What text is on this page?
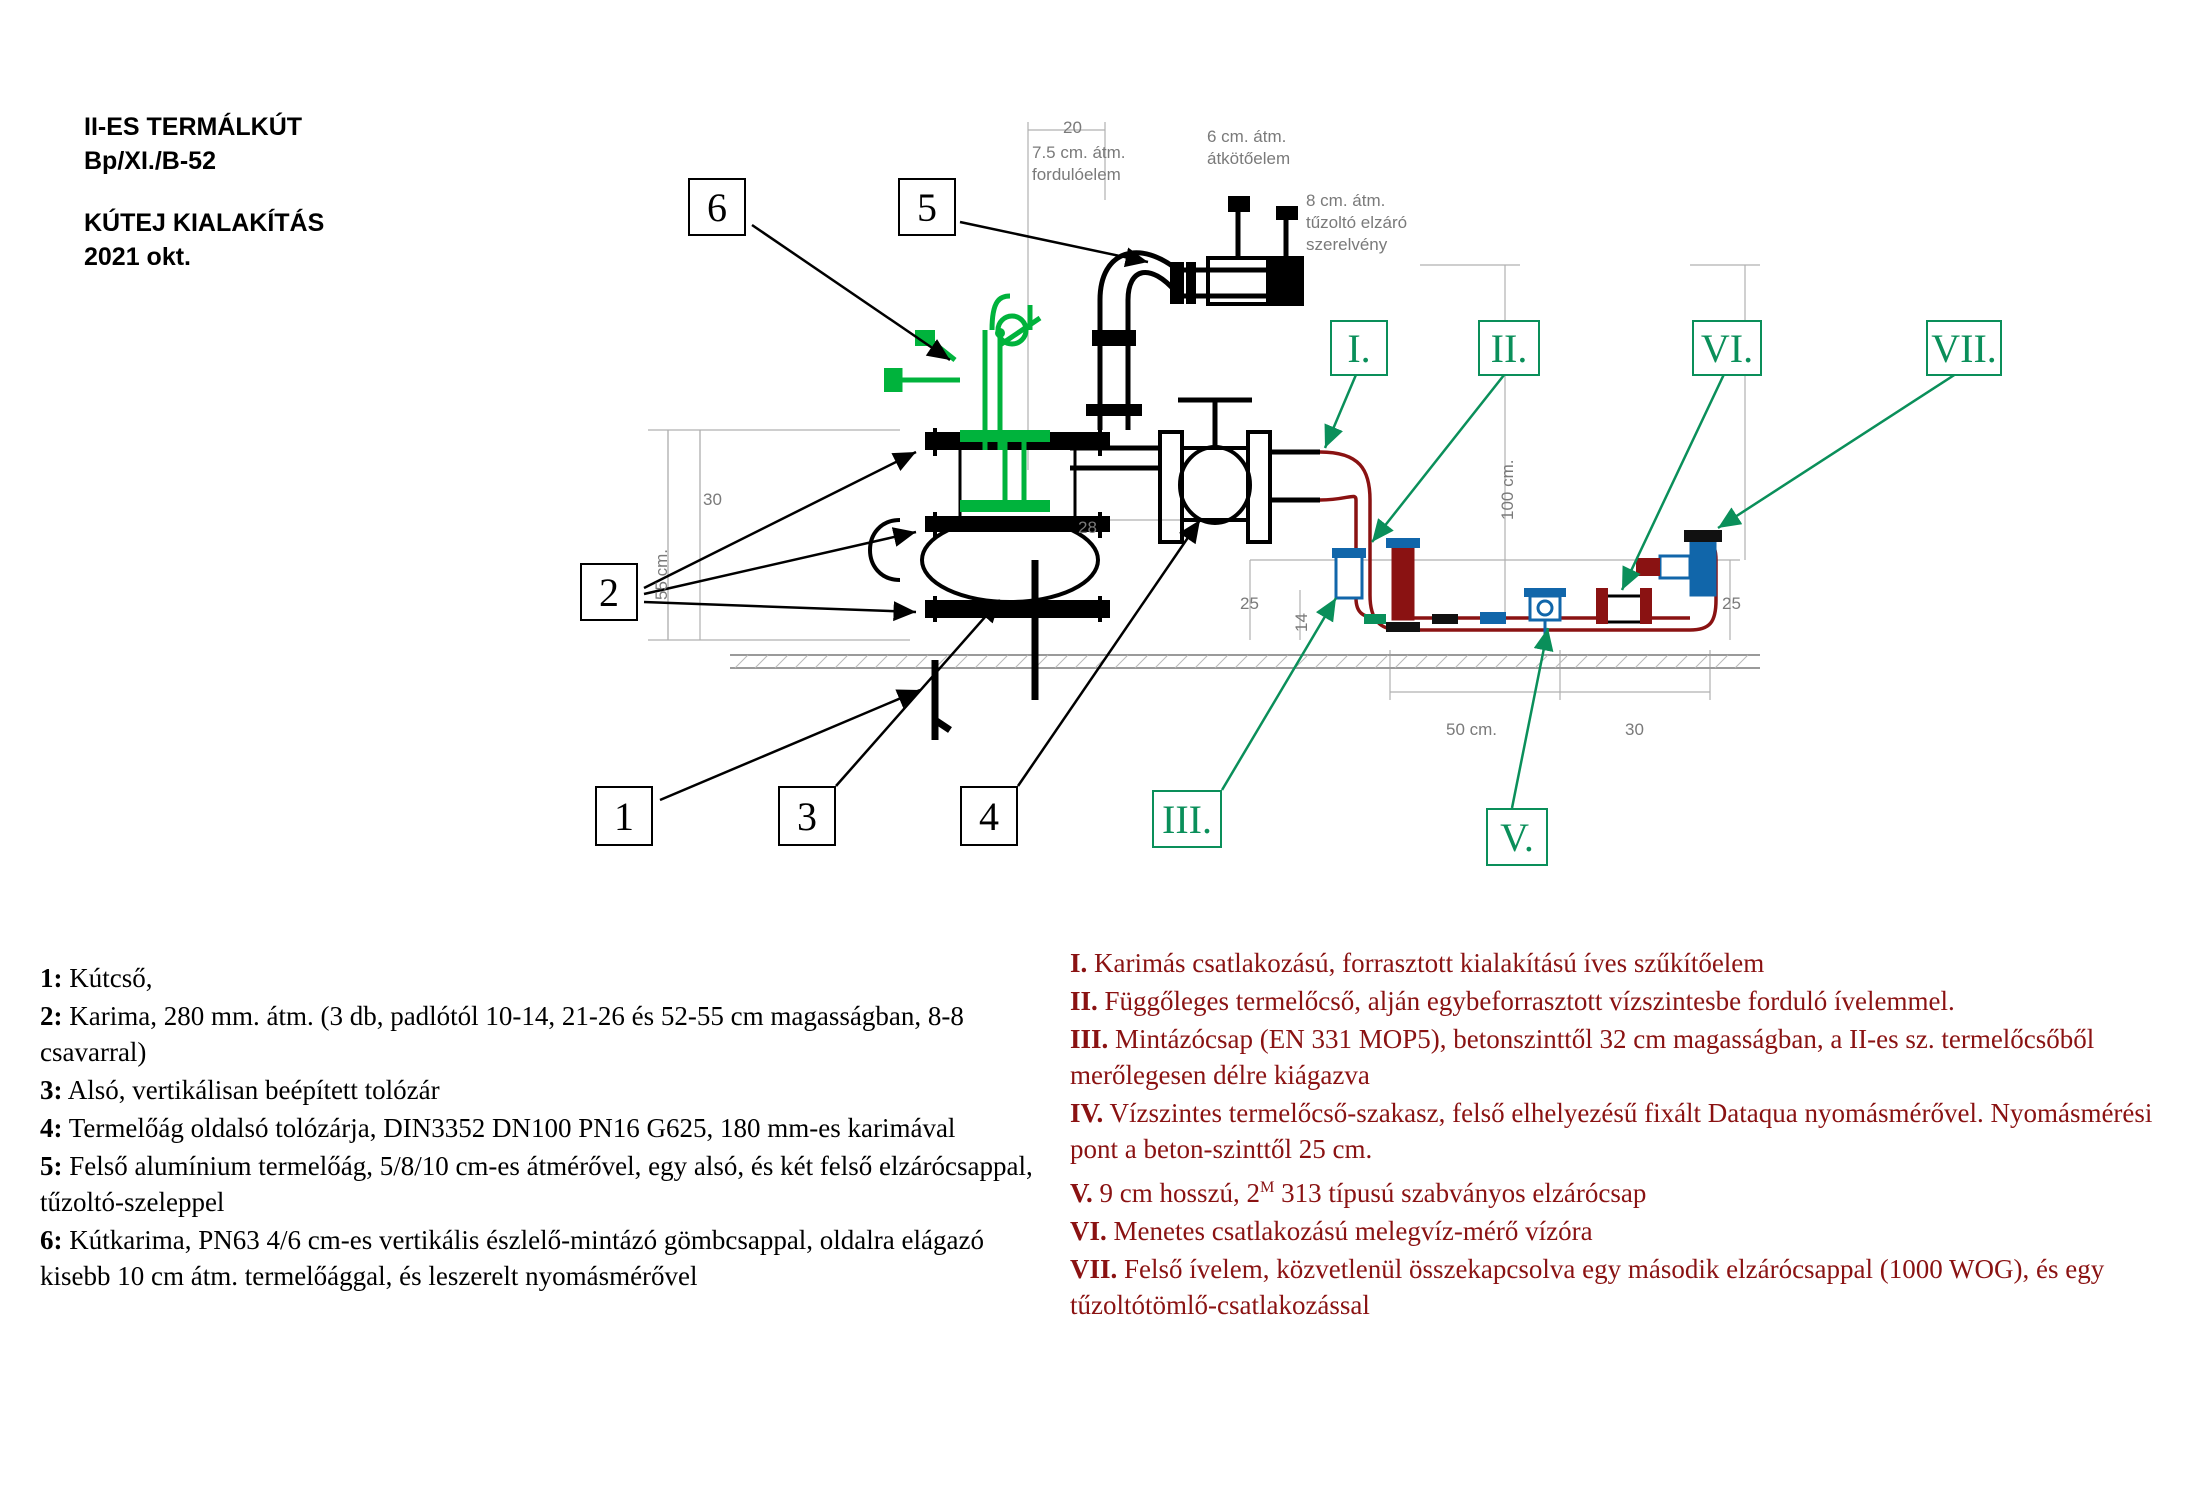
II-ES TERMÁLKÚT
Bp/XI./B-52
KÚTEJ KIALAKÍTÁS
2021 okt.
6	5
2
1	3	4
I.	II.	VI.	VII.
III.	V.
20
7.5 cm. átm.
fordulóelem
6 cm. átm.
átkötőelem
8 cm. átm.
tűzoltó elzáró
szerelvény
30
28
25
50 cm.	30
25
55 cm.
100 cm.
14

1: Kútcső,

2: Karima, 280 mm. átm. (3 db, padlótól 10-14, 21-26 és 52-55 cm magasságban, 8-8 csavarral)

3: Alsó, vertikálisan beépített tolózár

4: Termelőág oldalsó tolózárja, DIN3352 DN100 PN16 G625, 180 mm-es karimával

5: Felső alumínium termelőág, 5/8/10 cm-es átmérővel, egy alsó, és két felső elzárócsappal, tűzoltó-szeleppel

6: Kútkarima, PN63 4/6 cm-es vertikális észlelő-mintázó gömbcsappal, oldalra elágazó kisebb 10 cm átm. termelőággal, és leszerelt nyomásmérővel

I. Karimás csatlakozású, forrasztott kialakítású íves szűkítőelem

II. Függőleges termelőcső, alján egybeforrasztott vízszintesbe forduló ívelemmel.

III. Mintázócsap (EN 331 MOP5), betonszinttől 32 cm magasságban, a II-es sz. termelőcsőből merőlegesen délre kiágazva

IV. Vízszintes termelőcső-szakasz, felső elhelyezésű fixált Dataqua nyomásmérővel. Nyomásmérési pont a beton-szinttől 25 cm.

V. 9 cm hosszú, $2^M$ 313 típusú szabványos elzárócsap

VI. Menetes csatlakozású melegvíz-mérő vízóra

VII. Felső ívelem, közvetlenül összekapcsolva egy második elzárócsappal (1000 WOG), és egy tűzoltótömlő-csatlakozással
